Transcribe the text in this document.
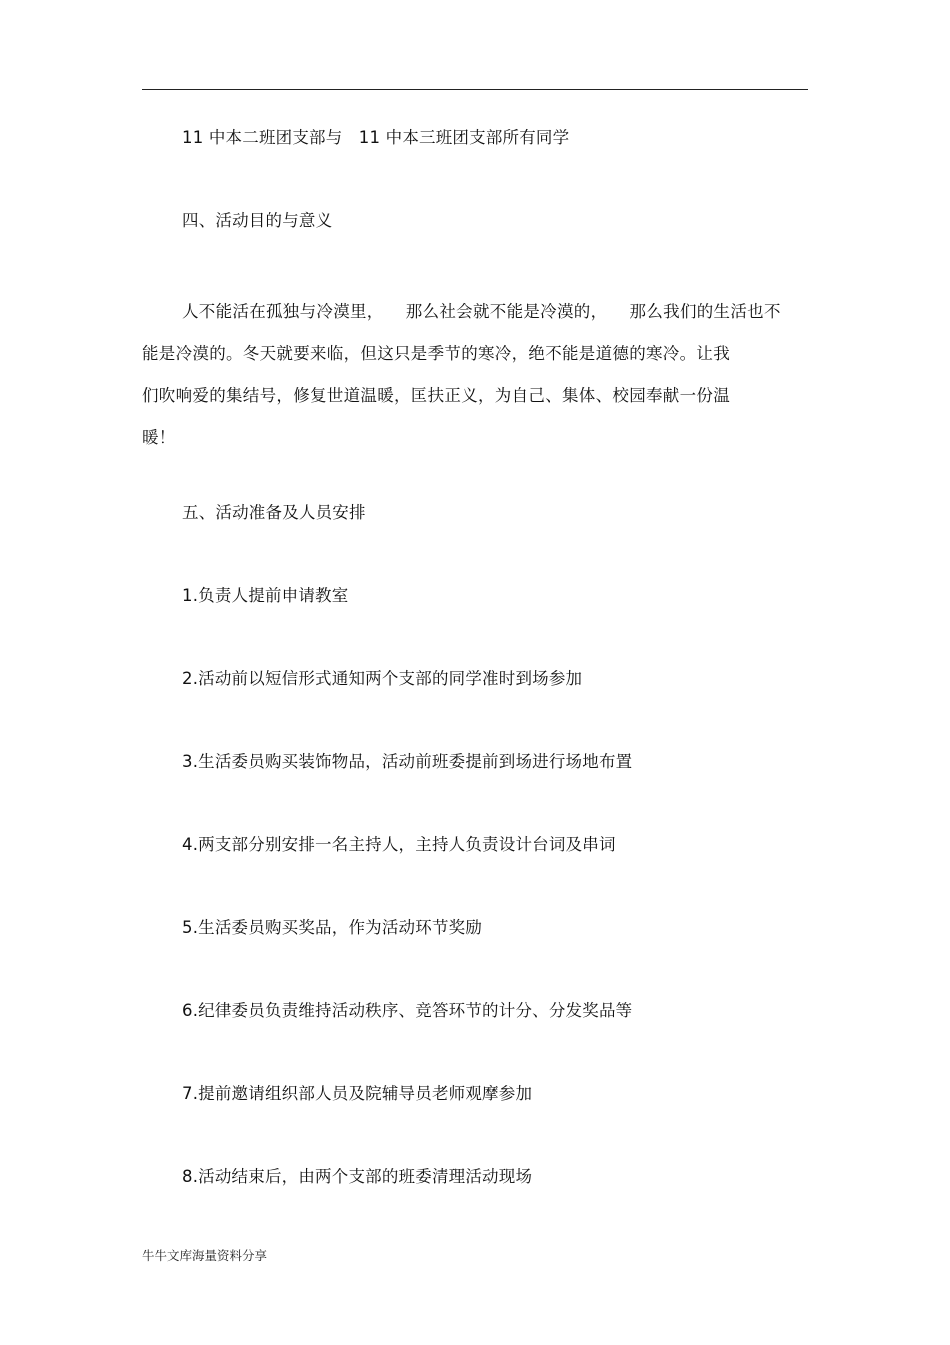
11 中本二班团支部与   11 中本三班团支部所有同学
四、活动目的与意义
人不能活在孤独与冷漠里，    那么社会就不能是冷漠的，    那么我们的生活也不
能是冷漠的。冬天就要来临，但这只是季节的寒冷，绝不能是道德的寒冷。让我
们吹响爱的集结号，修复世道温暖，匡扶正义，为自己、集体、校园奉献一份温
暖！
五、活动准备及人员安排
1.负责人提前申请教室
2.活动前以短信形式通知两个支部的同学准时到场参加
3.生活委员购买装饰物品，活动前班委提前到场进行场地布置
4.两支部分别安排一名主持人，主持人负责设计台词及串词
5.生活委员购买奖品，作为活动环节奖励
6.纪律委员负责维持活动秩序、竞答环节的计分、分发奖品等
7.提前邀请组织部人员及院辅导员老师观摩参加
8.活动结束后，由两个支部的班委清理活动现场
牛牛文库海量资料分享
